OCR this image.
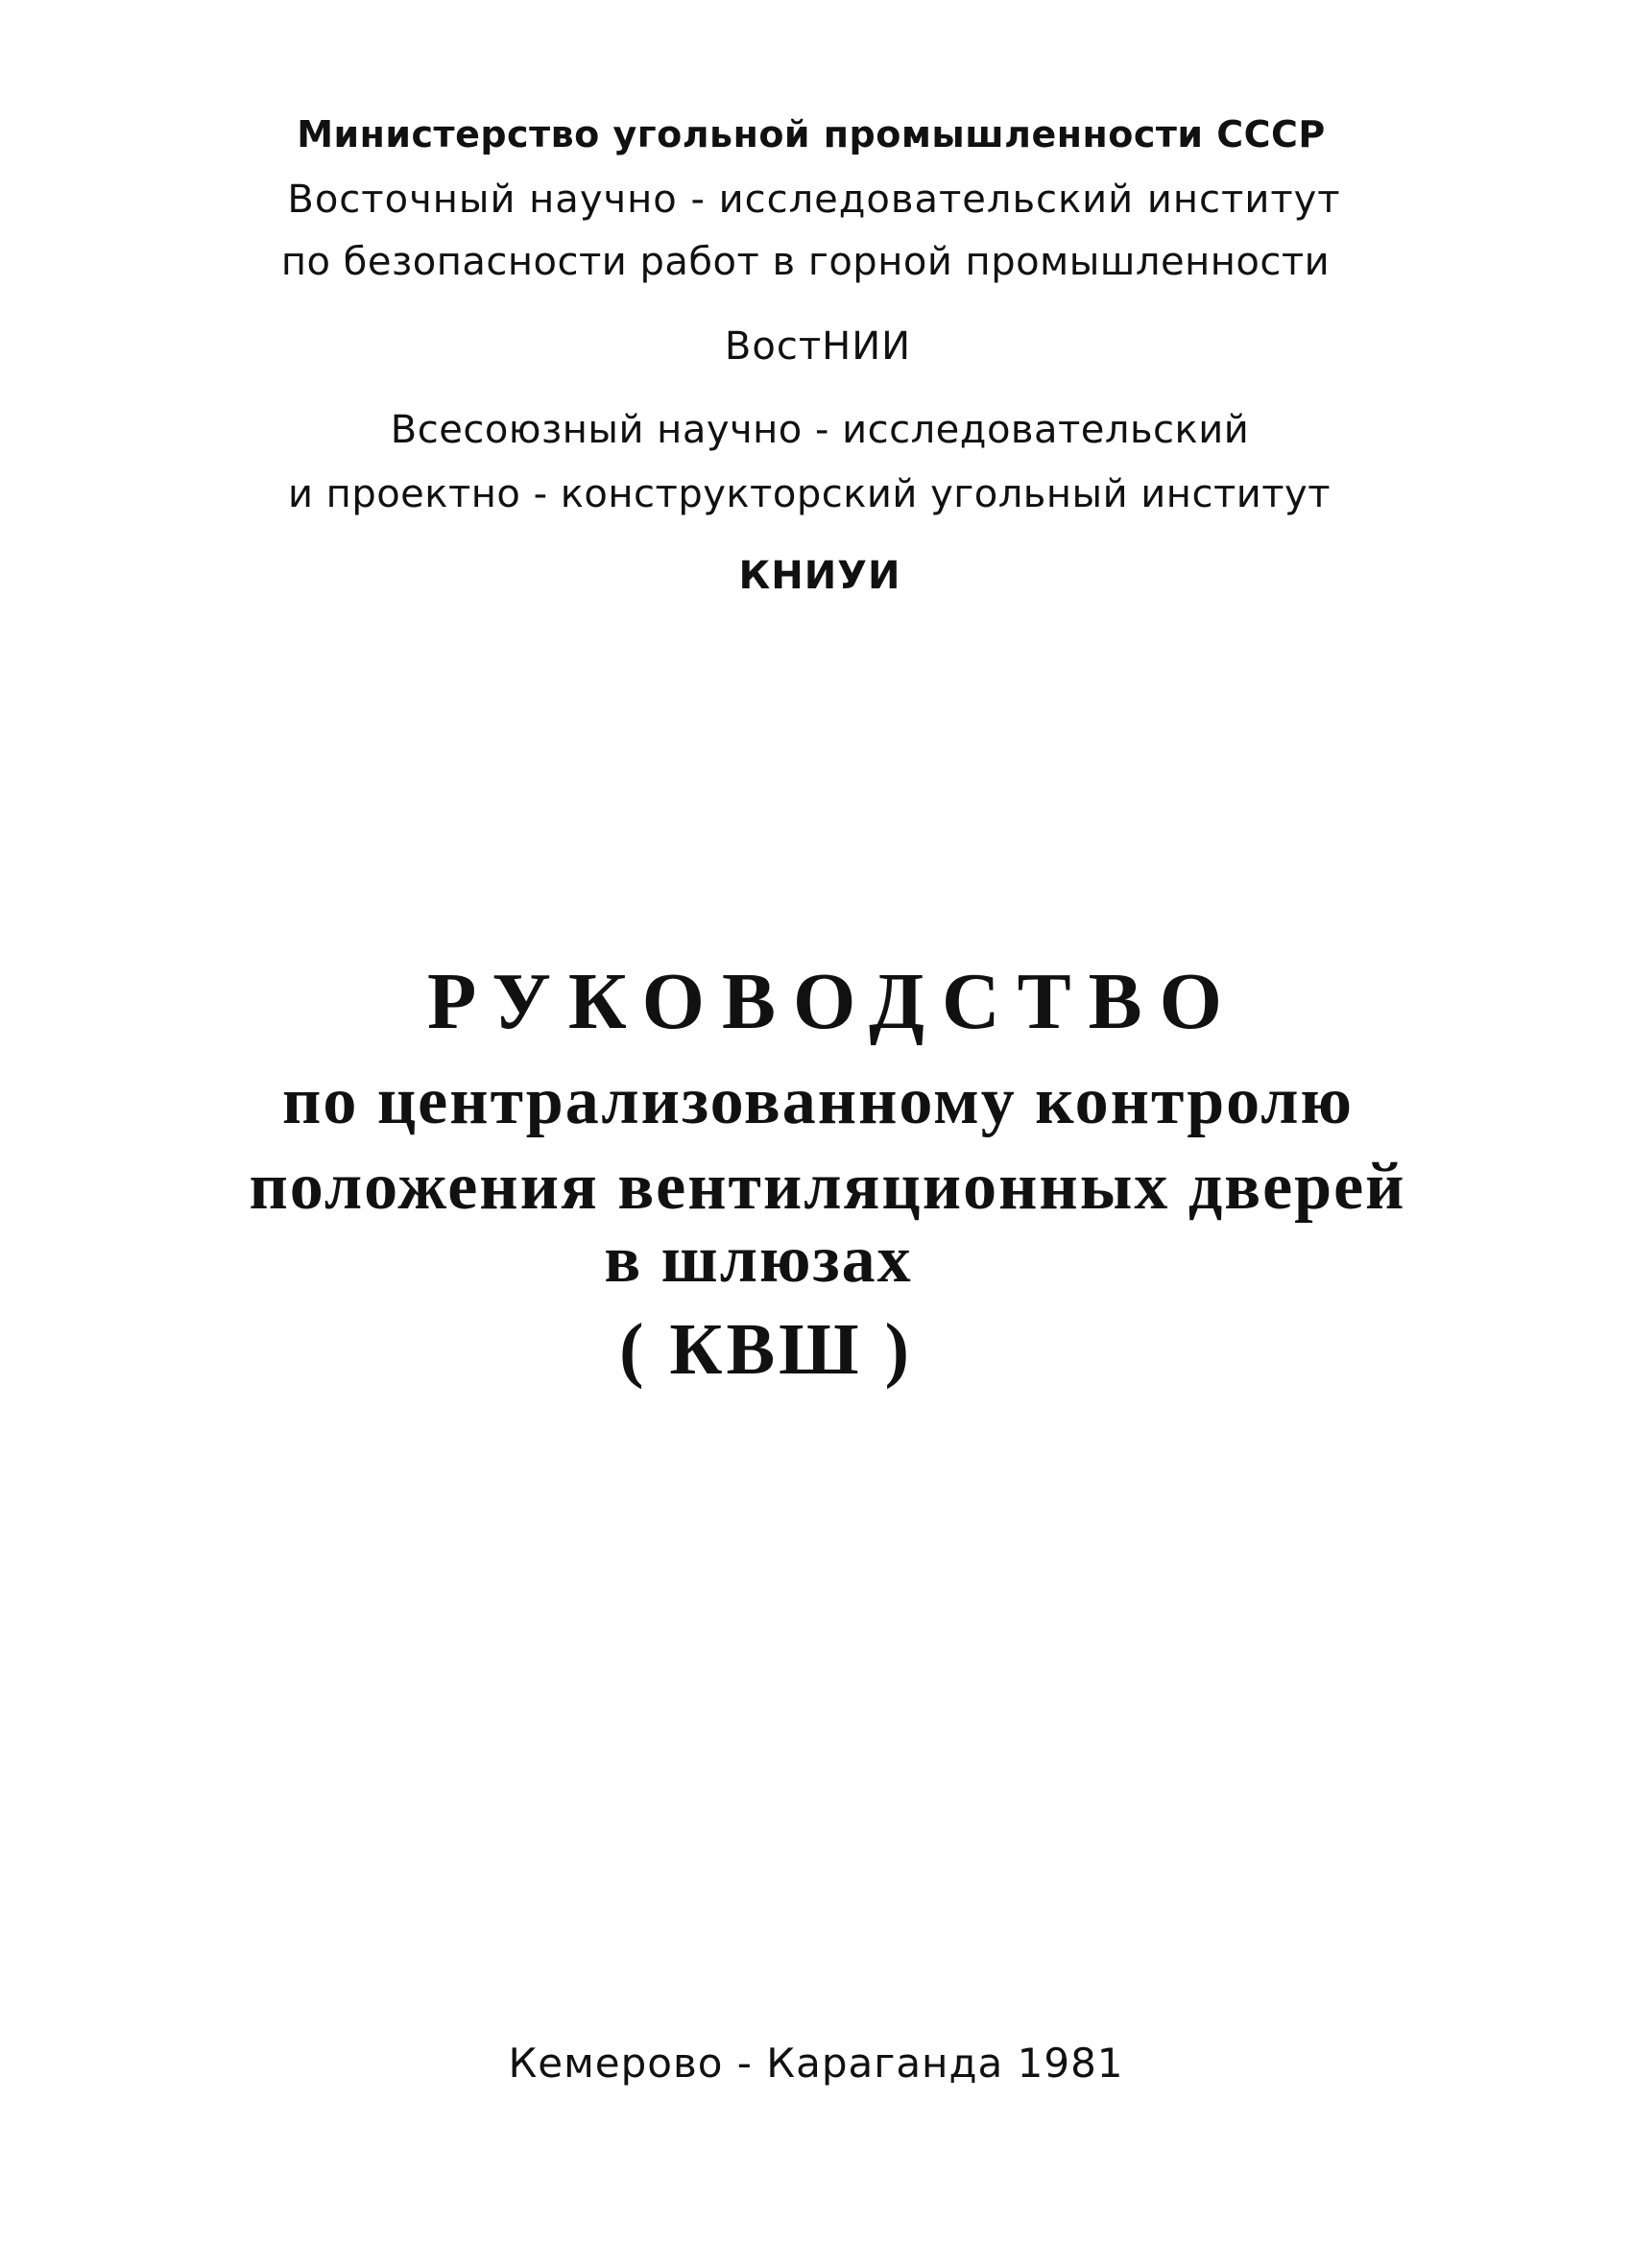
Министерство угольной промышленности СССР
Восточный научно - исследовательский институт
по безопасности работ в горной промышленности
ВостНИИ
Всесоюзный научно - исследовательский
и проектно - конструкторский угольный институт
КНИУИ
РУКОВОДСТВО
по централизованному контролю
положения вентиляционных дверей
в шлюзах
( КВШ )
Кемерово - Караганда 1981
